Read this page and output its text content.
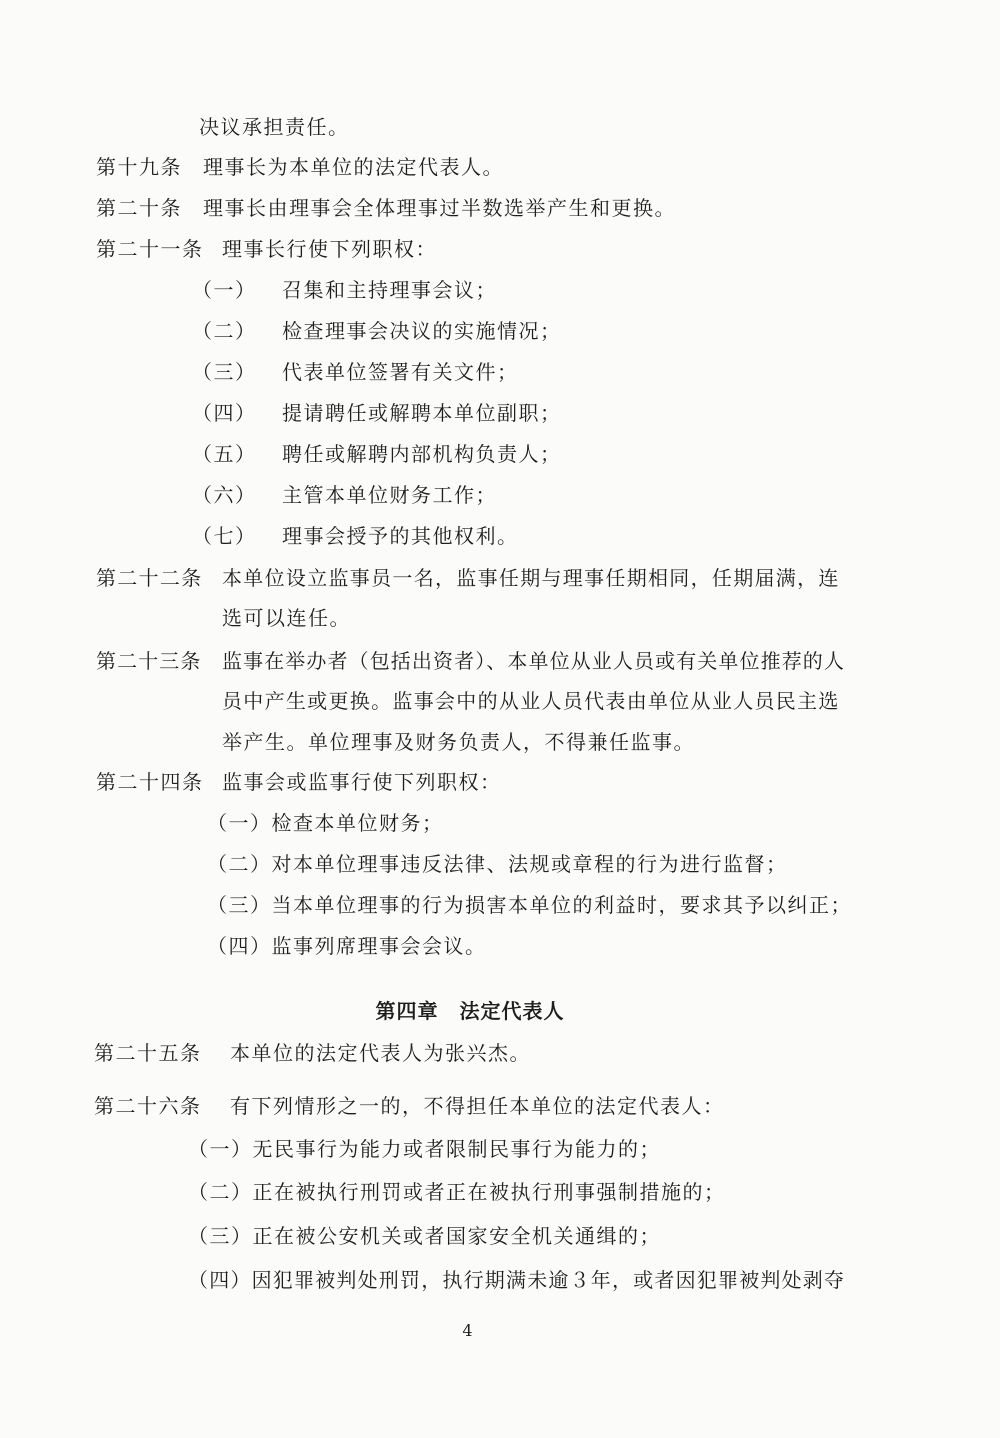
决议承担责任。
第十九条 理事长为本单位的法定代表人。
第二十条 理事长由理事会全体理事过半数选举产生和更换。
第二十一条 理事长行使下列职权：
（一） 召集和主持理事会议；
（二） 检查理事会决议的实施情况；
（三） 代表单位签署有关文件；
（四） 提请聘任或解聘本单位副职；
（五） 聘任或解聘内部机构负责人；
（六） 主管本单位财务工作；
（七） 理事会授予的其他权利。
第二十二条 本单位设立监事员一名，监事任期与理事任期相同，任期届满，连
选可以连任。
第二十三条 监事在举办者（包括出资者）、本单位从业人员或有关单位推荐的人
员中产生或更换。监事会中的从业人员代表由单位从业人员民主选
举产生。单位理事及财务负责人，不得兼任监事。
第二十四条 监事会或监事行使下列职权：
（一）检查本单位财务；
（二）对本单位理事违反法律、法规或章程的行为进行监督；
（三）当本单位理事的行为损害本单位的利益时，要求其予以纠正；
（四）监事列席理事会会议。
第四章　法定代表人
第二十五条 本单位的法定代表人为张兴杰。
第二十六条 有下列情形之一的，不得担任本单位的法定代表人：
（一）无民事行为能力或者限制民事行为能力的；
（二）正在被执行刑罚或者正在被执行刑事强制措施的；
（三）正在被公安机关或者国家安全机关通缉的；
（四）因犯罪被判处刑罚，执行期满未逾３年，或者因犯罪被判处剥夺
4
